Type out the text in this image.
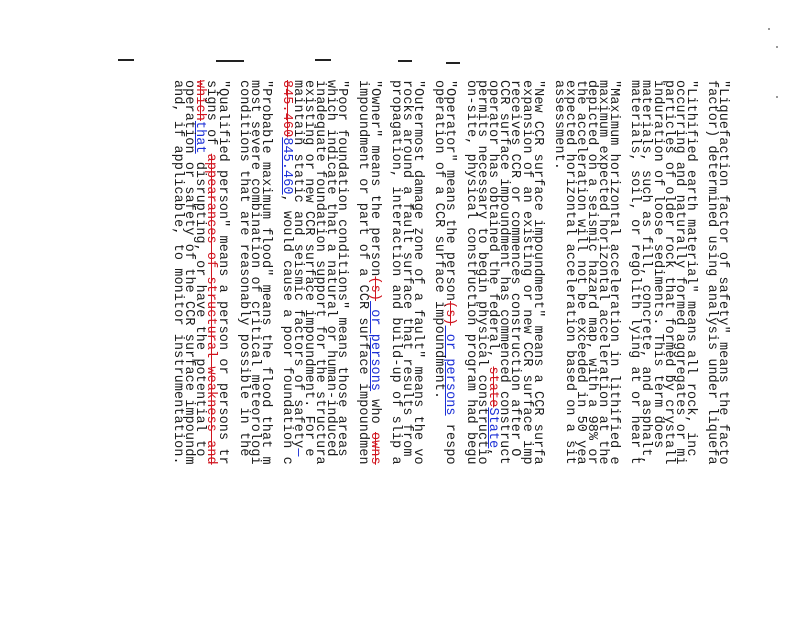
"Liquefaction factor of safety" means the facto
factor) determined using analysis under liquefa
"Lithified earth material" means all rock, inc
occurring and naturally formed aggregates or mi
particles of older rock that formed by crystall
induration of loose sediments. This term does
materials, such as fill, concrete, and asphalt,
materials, soil, or regolith lying at or near t
"Maximum horizontal acceleration in lithified e
maximum expected horizontal acceleration at the
depicted on a seismic hazard map, with a 98% or
the acceleration will not be exceeded in 50 yea
expected horizontal acceleration based on a sit
assessment.
"New CCR surface impoundment" means a CCR surfa
expansion of an existing or new CCR surface imp
receives CCR or commences construction after O
CCR surface impoundment has commenced construct
operator has obtained the federal, stateState,
permits necessary to begin physical constructio
on-site, physical construction program had begu
"Operator" means the person(s) or persons respo
operation of a CCR surface impoundment.
"Outermost damage zone of a fault" means the vo
rocks around a fault surface that results from
propagation, interaction and build-up of slip a
"Owner" means the person(s) or persons who owns
impoundment or part of a CCR surface impoundmen
"Poor foundation conditions" means those areas
which indicate that a natural or human-induced
inadequate foundation support for the structura
existing or new CCR surface impoundment. For e
maintain static and seismic factors of safety—
845.460845.460, would cause a poor foundation c
"Probable maximum flood" means the flood that m
most severe combination of critical meteorologi
conditions that are reasonably possible in the
"Qualified person" means a person or persons tr
signs of appearances of structural weakness and
whichthat disrupting, or have the potential to
operation or safety of the CCR surface impoundm
and, if applicable, to monitor instrumentation.
